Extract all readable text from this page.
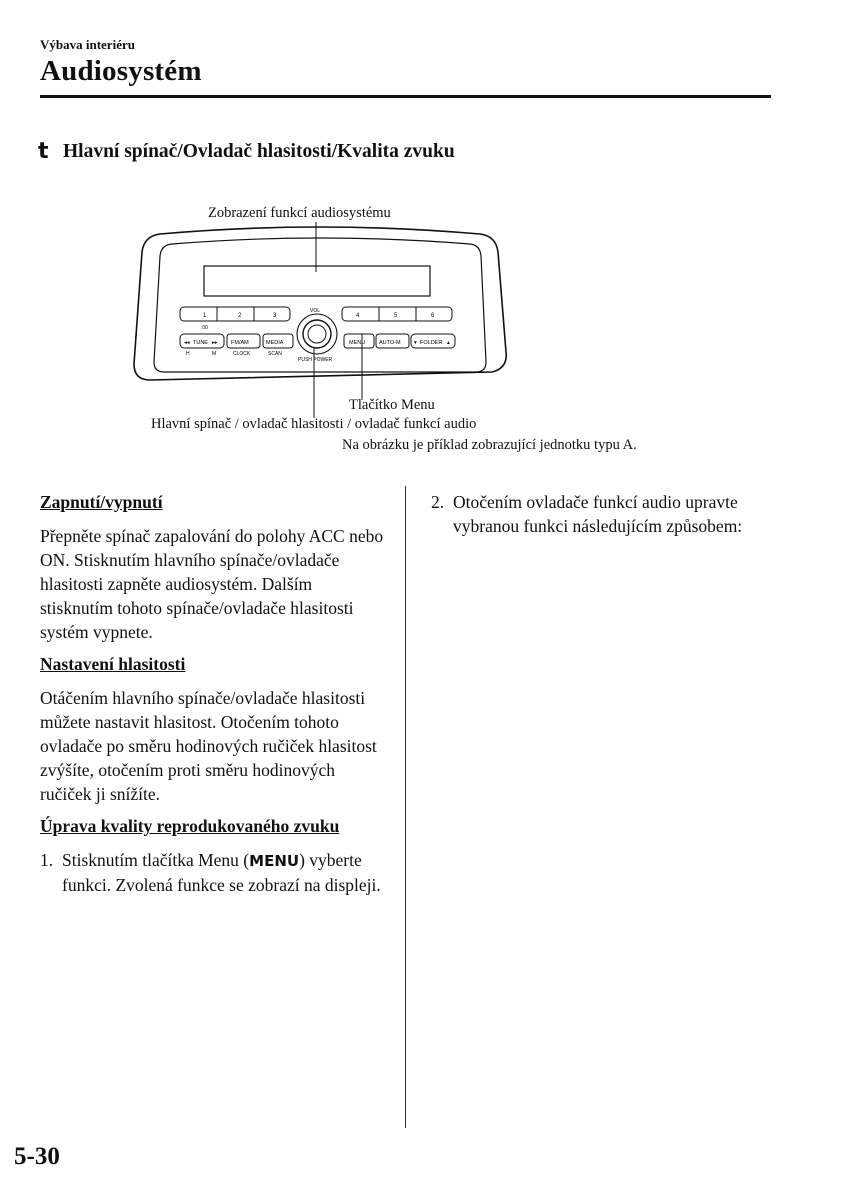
Výbava interiéru
Audiosystém
t Hlavní spínač/Ovladač hlasitosti/Kvalita zvuku
Zobrazení funkcí audiosystému
1	2	3
:00
4	5	6
◂◂ TUNE ▸▸ FM/AM	MEDIA
H	M	CLOCK	SCAN
MENU	AUTO-M ▾ FOLDER ▴
VOL
PUSH POWER
Tlačítko Menu
Hlavní spínač / ovladač hlasitosti / ovladač funkcí audio
Na obrázku je příklad zobrazující jednotku typu A.

Zapnutí/vypnutí

Přepněte spínač zapalování do polohy ACC nebo ON. Stisknutím hlavního spínače/ovladače hlasitosti zapněte audiosystém. Dalším stisknutím tohoto spínače/ovladače hlasitosti systém vypnete.

Nastavení hlasitosti

Otáčením hlavního spínače/ovladače hlasitosti můžete nastavit hlasitost. Otočením tohoto ovladače po směru hodinových ručiček hlasitost zvýšíte, otočením proti směru hodinových ručiček ji snížíte.

Úprava kvality reprodukovaného zvuku

1. Stisknutím tlačítka Menu (MENU) vyberte funkci. Zvolená funkce se zobrazí na displeji.
2. Otočením ovladače funkcí audio upravte vybranou funkci následujícím způsobem:
5-30
